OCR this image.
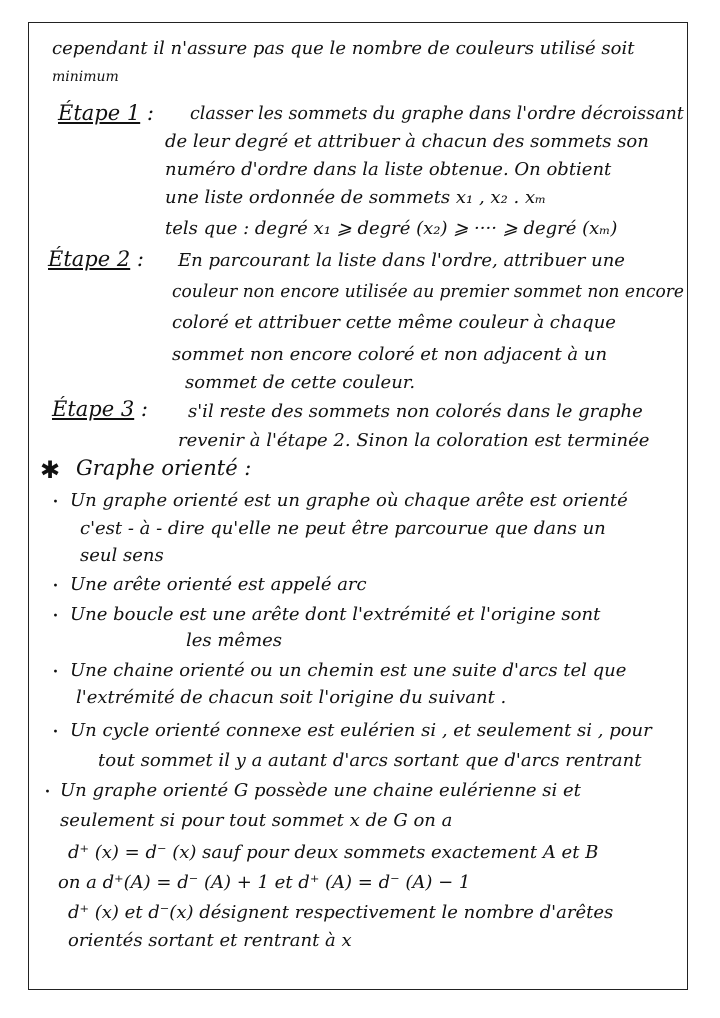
cependant il n'assure pas que le nombre de couleurs utilisé soit
minimum
Étape 1 : classer les sommets du graphe dans l'ordre décroissant
de leur degré et attribuer à chacun des sommets son
numéro d'ordre dans la liste obtenue. On obtient
une liste ordonnée de sommets x₁ , x₂ . xₘ
tels que : degré x₁ ⩾ degré (x₂) ⩾ ···· ⩾ degré (xₘ)
Étape 2 : En parcourant la liste dans l'ordre, attribuer une
couleur non encore utilisée au premier sommet non encore
coloré et attribuer cette même couleur à chaque
sommet non encore coloré et non adjacent à un
sommet de cette couleur.
Étape 3 : s'il reste des sommets non colorés dans le graphe
revenir à l'étape 2. Sinon la coloration est terminée
✱ Graphe orienté :
· Un graphe orienté est un graphe où chaque arête est orienté
c'est - à - dire qu'elle ne peut être parcourue que dans un
seul sens
· Une arête orienté est appelé arc
· Une boucle est une arête dont l'extrémité et l'origine sont
les mêmes
· Une chaine orienté ou un chemin est une suite d'arcs tel que
l'extrémité de chacun soit l'origine du suivant .
· Un cycle orienté connexe est eulérien si , et seulement si , pour
tout sommet il y a autant d'arcs sortant que d'arcs rentrant
· Un graphe orienté G possède une chaine eulérienne si et
seulement si pour tout sommet x de G on a
d⁺ (x) = d⁻ (x) sauf pour deux sommets exactement A et B
on a d⁺(A) = d⁻ (A) + 1 et d⁺ (A) = d⁻ (A) − 1
d⁺ (x) et d⁻(x) désignent respectivement le nombre d'arêtes
orientés sortant et rentrant à x
